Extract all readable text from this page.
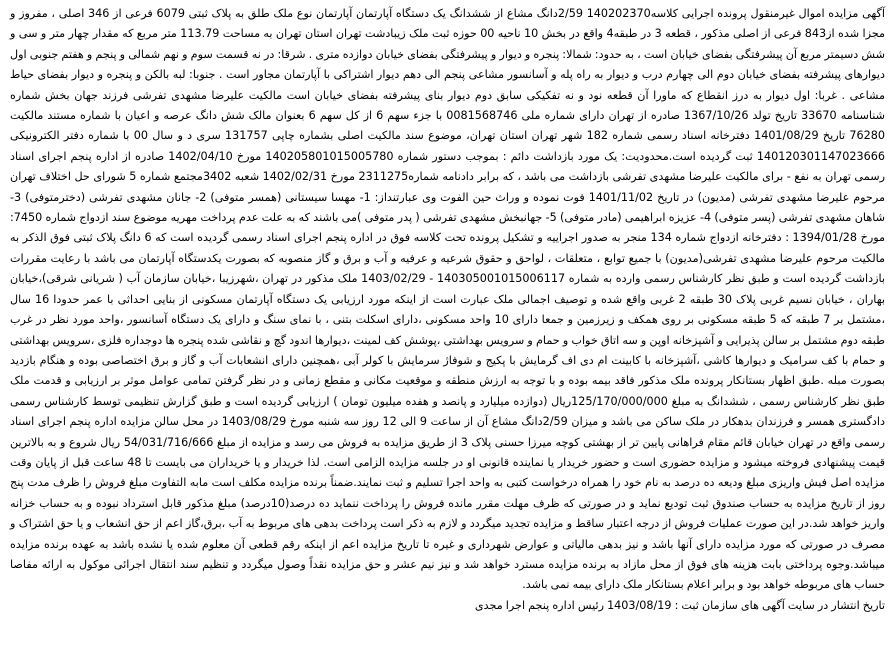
آگهی مزایده اموال غیرمنقول پرونده اجرایی کلاسه140202370 2/59دانگ مشاع از ششدانگ یک دستگاه آپارتمان آپارتمان نوع ملک طلق به پلاک ثبتی 6079 فرعی از 346 اصلی ، مفروز و مجزا شده از843 فرعی از اصلی مذکور ، قطعه 3 در طبقه4 واقع در بخش 10 ناحیه 00 حوزه ثبت ملک زیبادشت تهران استان تهران به مساحت 113.79 متر مربع که مقدار چهار متر و سی و شش دسیمتر مربع آن پیشرفتگی بفضای خیابان است ، به حدود: شمالا: پنجره و دیوار و پیشرفتگی بفضای خیابان دوازده متری . شرقا: در نه قسمت سوم و نهم شمالی و پنجم و هفتم جنوبی اول دیوارهای پیشرفته بفضای خیابان دوم الی چهارم درب و دیوار به راه پله و آسانسور مشاعی پنجم الی دهم دیوار اشتراکی با آپارتمان مجاور است . جنوبا: لبه بالکن و پنجره و دیوار بفضای حیاط مشاعی . غربا: اول دیوار به درز انقطاع که ماورا آن قطعه نود و نه تفکیکی سابق دوم دیوار بنای پیشرفته بفضای خیابان است مالکیت علیرضا مشهدی تفرشی فرزند جهان بخش شماره شناسنامه 33670 تاریخ تولد 1367/10/26 صادره از تهران دارای شماره ملی 0081568746 با جزء سهم 6 از کل سهم 6 بعنوان مالک شش دانگ عرصه و اعیان با شماره مستند مالکیت 76280 تاریخ 1401/08/29 دفترخانه اسناد رسمی شماره 182 شهر تهران استان تهران، موضوع سند مالکیت اصلی بشماره چاپی 131757 سری د و سال 00 با شماره دفتر الکترونیکی 140120301147023666 ثبت گردیده است.محدودیت: یک مورد بازداشت دائم : بموجب دستور شماره 140205801015005780 مورخ 1402/04/10 صادره از اداره پنجم اجرای اسناد رسمی تهران به نفع - برای مالکیت علیرضا مشهدی تفرشی بازداشت می باشد ، که برابر دادنامه شماره2311275 مورخ 1402/02/31 شعبه 3402مجتمع شماره 5 شورای حل اختلاف تهران مرحوم علیرضا مشهدی تفرشی (مدیون) در تاریخ 1401/11/02 فوت نموده و وراث حین الفوت وی عبارتنداز: 1- مهسا سیستانی (همسر متوفی) 2- جانان مشهدی تفرشی (دخترمتوفی) 3- شاهان مشهدی تفرشی (پسر متوفی) 4- عزیزه ابراهیمی (مادر متوفی) 5- جهانبخش مشهدی تفرشی ( پدر متوفی )می باشند که به علت عدم پرداخت مهریه موضوع سند ازدواج شماره 7450: مورخ 1394/01/28 : دفترخانه ازدواج شماره 134 منجر به صدور اجراییه و تشکیل پرونده تحت کلاسه فوق در اداره پنجم اجرای اسناد رسمی گردیده است که 6 دانگ پلاک ثبتی فوق الذکر به مالکیت مرحوم علیرضا مشهدی تفرشی(مدیون) با جمیع توابع ، متعلقات ، لواحق و حقوق شرعیه و عرفیه و آب و برق و گاز منصوبه که بصورت یکدستگاه آپارتمان می باشد با رعایت مقررات بازداشت گردیده است و طبق نظر کارشناس رسمی وارده به شماره 140305001015006117 - 1403/02/29 ملک مذکور در تهران ،شهرزیبا ،خیابان سازمان آب ( شریانی شرقی)،خیابان بهاران ، خیابان نسیم غربی پلاک 30 طبقه 2 غربی واقع شده و توصیف اجمالی ملک عبارت است از اینکه مورد ارزیابی یک دستگاه آپارتمان مسکونی از بنایی احداثی با عمر حدودا 16 سال ،مشتمل بر 7 طبقه که 5 طبقه مسکونی بر روی همکف و زیرزمین و جمعا دارای 10 واحد مسکونی ،دارای اسکلت بتنی ، با نمای سنگ و دارای یک دستگاه آسانسور ،واحد مورد نظر در غرب طبقه دوم مشتمل بر سالن پذیرایی و آشپزخانه اوپن و سه اتاق خواب و حمام و سرویس بهداشتی ،پوشش کف لمینت ،دیوارها اندود گچ و نقاشی شده پنجره ها دوجداره فلزی ،سرویس بهداشتی و حمام با کف سرامیک و دیوارها کاشی ،آشپزخانه با کابینت ام دی اف گرمایش با پکیج و شوفاژ سرمایش با کولر آبی ،همچنین دارای انشعابات آب و گاز و برق اختصاصی بوده و هنگام بازدید بصورت مبله .طبق اظهار بستانکار پرونده ملک مذکور فاقد بیمه بوده و با توجه به ارزش منطقه و موقعیت مکانی و مقطع زمانی و در نظر گرفتن تمامی عوامل موثر بر ارزیابی و قدمت ملک طبق نظر کارشناس رسمی ، ششدانگ به مبلغ 125/170/000/000ریال (دوازده میلیارد و پانصد و هفده میلیون تومان ) ارزیابی گردیده است و طبق گزارش تنظیمی توسط کارشناس رسمی دادگستری همسر و فرزندان بدهکار در ملک ساکن می باشد و میزان 2/59دانگ مشاع آن از ساعت 9 الی 12 روز سه شنبه مورخ 1403/08/29 در محل سالن مزایده اداره پنجم اجرای اسناد رسمی واقع در تهران خیابان قائم مقام فراهانی پایین تر از بهشتی کوچه میرزا حسنی پلاک 3 از طریق مزایده به فروش می رسد و مزایده از مبلغ 54/031/716/666 ریال شروع و به بالاترین قیمت پیشنهادی فروخته میشود و مزایده حضوری است و حضور خریدار یا نماینده قانونی او در جلسه مزایده الزامی است. لذا خریدار و یا خریداران می بایست تا 48 ساعت قبل از پایان وقت مزایده اصل فیش واریزی مبلغ ودیعه ده درصد به نام خود را همراه درخواست کتبی به واحد اجرا تسلیم و ثبت نمایند.ضمناً برنده مزایده مکلف است مابه التفاوت مبلغ فروش را ظرف مدت پنج روز از تاریخ مزایده به حساب صندوق ثبت تودیع نماید و در صورتی که ظرف مهلت مقرر مانده فروش را پرداخت ننماید ده درصد(10درصد) مبلغ مذکور قابل استرداد نبوده و به حساب خزانه واریز خواهد شد.در این صورت عملیات فروش از درجه اعتبار ساقط و مزایده تجدید میگردد و لازم به ذکر است پرداخت بدهی های مربوط به آب ،برق،گاز اعم از حق انشعاب و یا حق اشتراک و مصرف در صورتی که مورد مزایده دارای آنها باشد و نیز بدهی مالیاتی و عوارض شهرداری و غیره تا تاریخ مزایده اعم از اینکه رقم قطعی آن معلوم شده یا نشده باشد به عهده برنده مزایده میباشد.وجوه پرداختی بابت هزینه های فوق از محل مازاد به برنده مزایده مسترد خواهد شد و نیز نیم عشر و حق مزایده نقداً وصول میگردد و تنظیم سند انتقال اجرائی موکول به ارائه مفاصا حساب های مربوطه خواهد بود و برابر اعلام بستانکار ملک دارای بیمه نمی باشد.

تاریخ انتشار در سایت آگهی های سازمان ثبت : 1403/08/19 رئیس اداره پنجم اجرا مجدی
